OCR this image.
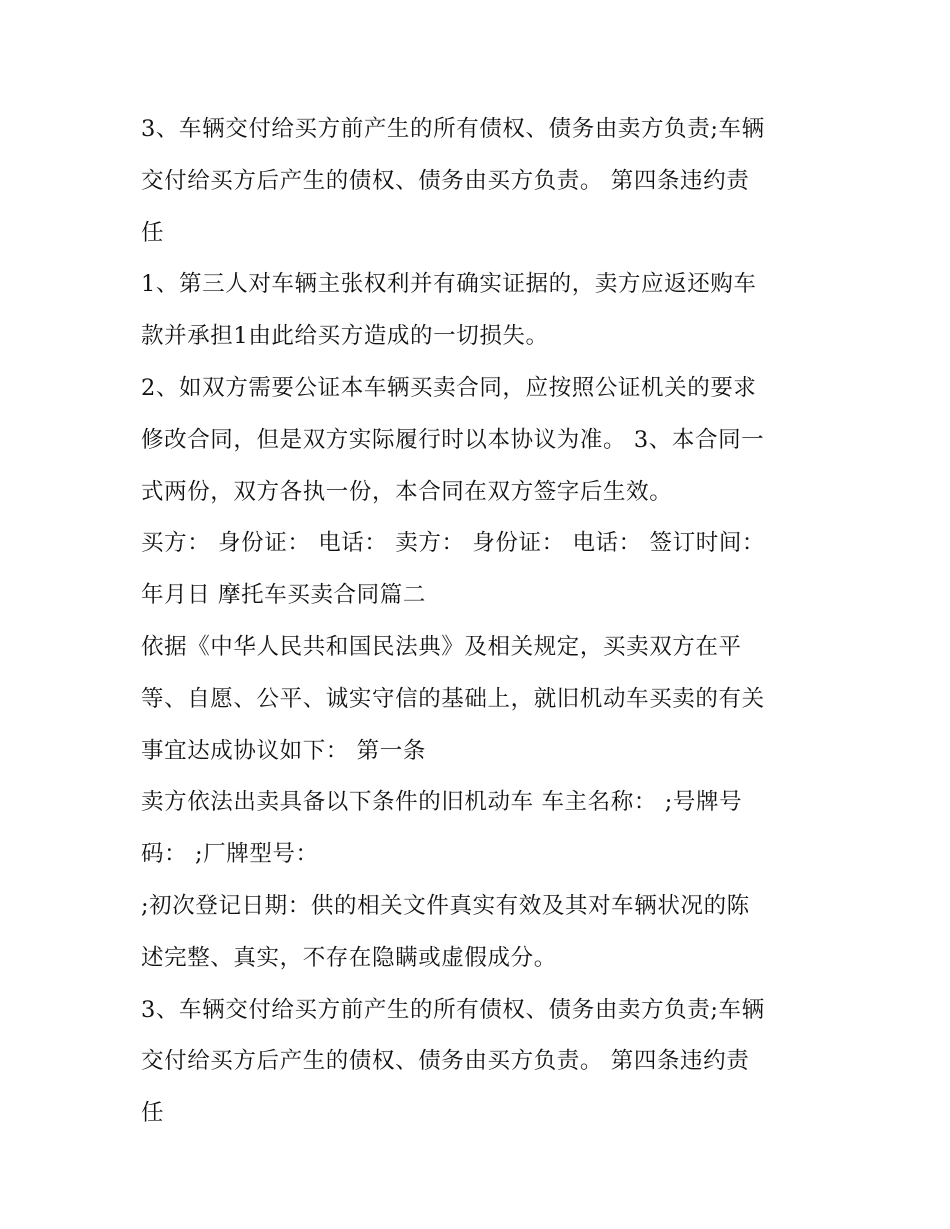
3、车辆交付给买方前产生的所有债权、债务由卖方负责;车辆
交付给买方后产生的债权、债务由买方负责。 第四条违约责
任
1、第三人对车辆主张权利并有确实证据的，卖方应返还购车
款并承担1由此给买方造成的一切损失。
2、如双方需要公证本车辆买卖合同，应按照公证机关的要求
修改合同，但是双方实际履行时以本协议为准。 3、本合同一
式两份，双方各执一份，本合同在双方签字后生效。
买方： 身份证： 电话： 卖方： 身份证： 电话： 签订时间：
年月日 摩托车买卖合同篇二
依据《中华人民共和国民法典》及相关规定，买卖双方在平
等、自愿、公平、诚实守信的基础上，就旧机动车买卖的有关
事宜达成协议如下： 第一条
卖方依法出卖具备以下条件的旧机动车 车主名称： ;号牌号
码： ;厂牌型号：
;初次登记日期：供的相关文件真实有效及其对车辆状况的陈
述完整、真实，不存在隐瞒或虚假成分。
3、车辆交付给买方前产生的所有债权、债务由卖方负责;车辆
交付给买方后产生的债权、债务由买方负责。 第四条违约责
任
